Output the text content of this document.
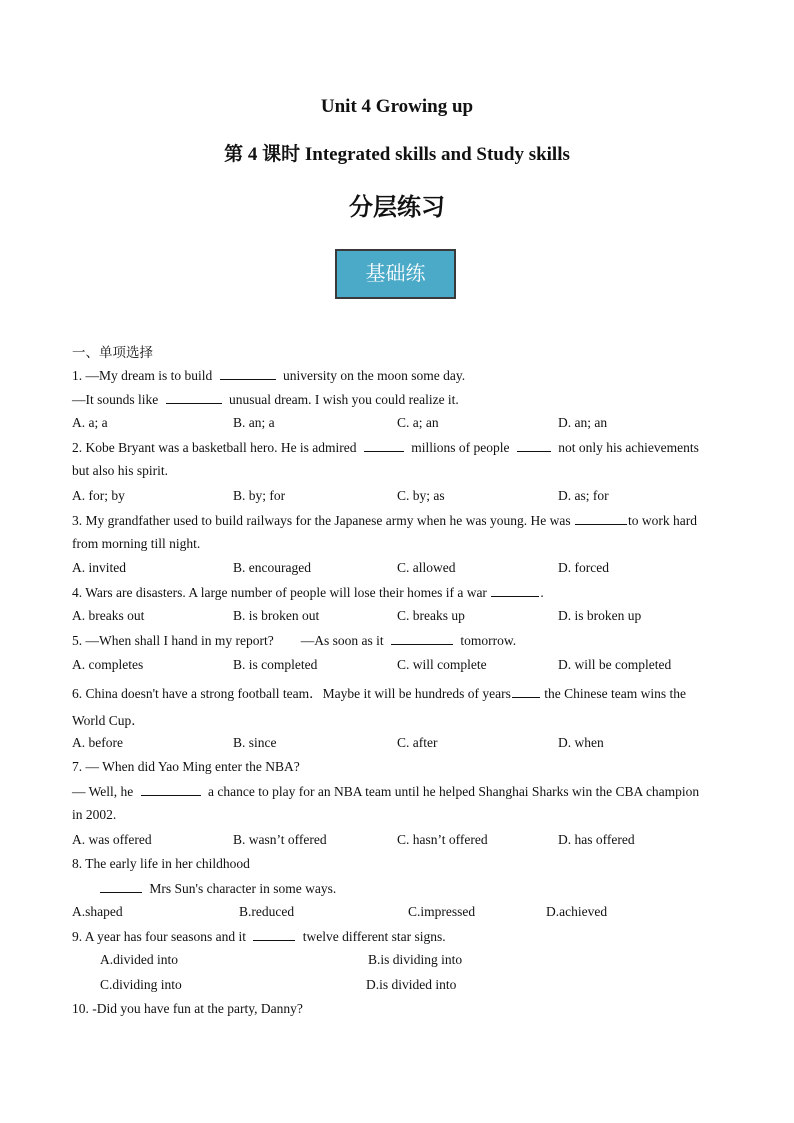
Unit 4 Growing up
第 4 课时 Integrated skills and Study skills
分层练习
基础练
一、单项选择
1. —My dream is to build	university on the moon some day.
—It sounds like	unusual dream. I wish you could realize it.
A. a; a	B. an; a	C. a; an	D. an; an
2. Kobe Bryant was a basketball hero. He is admired	millions of people	not only his achievements
but also his spirit.
A. for; by	B. by; for	C. by; as	D. as; for
3. My grandfather used to build railways for the Japanese army when he was young. He was	to work hard
from morning till night.
A. invited	B. encouraged	C. allowed	D. forced
4. Wars are disasters. A large number of people will lose their homes if a war	.
A. breaks out	B. is broken out	C. breaks up	D. is broken up
5. —When shall I hand in my report?        —As soon as it	tomorrow.
A. completes	B. is completed	C. will complete	D. will be completed
6. China doesn't have a strong football team．Maybe it will be hundreds of years the Chinese team wins the
World Cup．
A. before	B. since	C. after	D. when
7. — When did Yao Ming enter the NBA?
— Well, he	a chance to play for an NBA team until he helped Shanghai Sharks win the CBA champion
in 2002.
A. was offered	B. wasn’t offered	C. hasn’t offered	D. has offered
8. The early life in her childhood
Mrs Sun's character in some ways.
A.shaped	B.reduced	C.impressed	D.achieved
9. A year has four seasons and it	twelve different star signs.
A.divided into	B.is dividing into
C.dividing into	D.is divided into
10. -Did you have fun at the party, Danny?
